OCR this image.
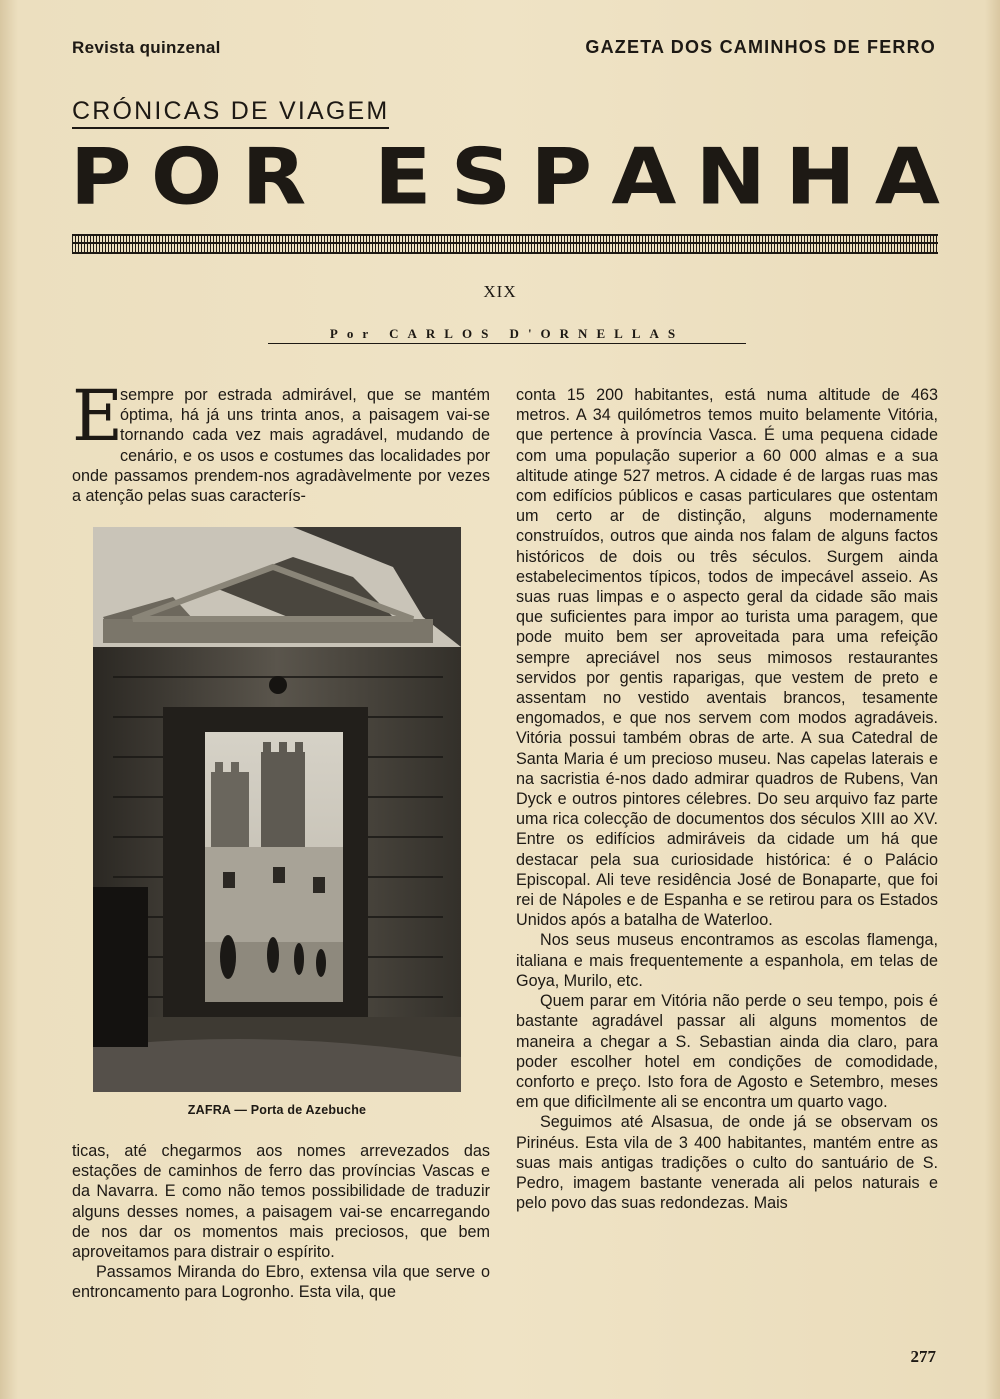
Revista quinzenal	GAZETA DOS CAMINHOS DE FERRO
CRÓNICAS DE VIAGEM
P O R
E S P A N H A
XIX
Por CARLOS D'ORNELLAS

E
sempre por estrada admirável, que se mantém óptima, há já uns trinta anos, a paisagem vai-se tornando cada vez mais agradável, mudando de cenário, e os usos e costumes das localidades por onde passamos prendem-nos agradàvelmente por vezes a atenção pelas suas caracterís-

ZAFRA — Porta de Azebuche

ticas, até chegarmos aos nomes arrevezados das estações de caminhos de ferro das províncias Vascas e da Navarra. E como não temos possibilidade de traduzir alguns desses nomes, a paisagem vai-se encarregando de nos dar os momentos mais preciosos, que bem aproveitamos para distrair o espírito.

Passamos Miranda do Ebro, extensa vila que serve o entroncamento para Logronho. Esta vila, que

conta 15 200 habitantes, está numa altitude de 463 metros. A 34 quilómetros temos muito belamente Vitória, que pertence à província Vasca. É uma pequena cidade com uma população superior a 60 000 almas e a sua altitude atinge 527 metros. A cidade é de largas ruas mas com edifícios públicos e casas particulares que ostentam um certo ar de distinção, alguns modernamente construídos, outros que ainda nos falam de alguns factos históricos de dois ou três séculos. Surgem ainda estabelecimentos típicos, todos de impecável asseio. As suas ruas limpas e o aspecto geral da cidade são mais que suficientes para impor ao turista uma paragem, que pode muito bem ser aproveitada para uma refeição sempre apreciável nos seus mimosos restaurantes servidos por gentis raparigas, que vestem de preto e assentam no vestido aventais brancos, tesamente engomados, e que nos servem com modos agradáveis. Vitória possui também obras de arte. A sua Catedral de Santa Maria é um precioso museu. Nas capelas laterais e na sacristia é-nos dado admirar quadros de Rubens, Van Dyck e outros pintores célebres. Do seu arquivo faz parte uma rica colecção de documentos dos séculos XIII ao XV. Entre os edifícios admiráveis da cidade um há que destacar pela sua curiosidade histórica: é o Palácio Episcopal. Ali teve residência José de Bonaparte, que foi rei de Nápoles e de Espanha e se retirou para os Estados Unidos após a batalha de Waterloo.

Nos seus museus encontramos as escolas flamenga, italiana e mais frequentemente a espanhola, em telas de Goya, Murilo, etc.

Quem parar em Vitória não perde o seu tempo, pois é bastante agradável passar ali alguns momentos de maneira a chegar a S. Sebastian ainda dia claro, para poder escolher hotel em condições de comodidade, conforto e preço. Isto fora de Agosto e Setembro, meses em que dificìlmente ali se encontra um quarto vago.

Seguimos até Alsasua, de onde já se observam os Pirinéus. Esta vila de 3 400 habitantes, mantém entre as suas mais antigas tradições o culto do santuário de S. Pedro, imagem bastante venerada ali pelos naturais e pelo povo das suas redondezas. Mais

277
